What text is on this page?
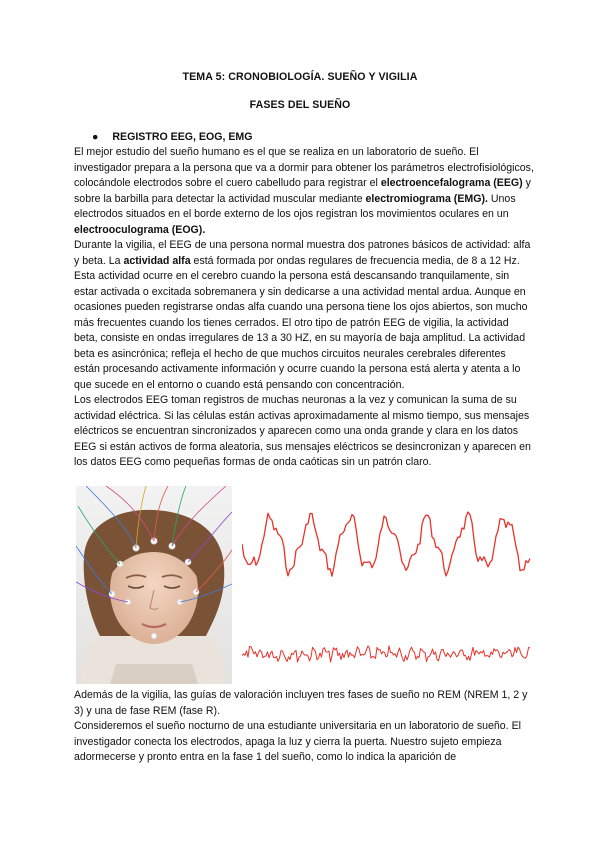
TEMA 5: CRONOBIOLOGÍA. SUEÑO Y VIGILIA
FASES DEL SUEÑO
● REGISTRO EEG, EOG, EMG

El mejor estudio del sueño humano es el que se realiza en un laboratorio de sueño. El investigador prepara a la persona que va a dormir para obtener los parámetros electrofisiológicos, colocándole electrodos sobre el cuero cabelludo para registrar el electroencefalograma (EEG) y sobre la barbilla para detectar la actividad muscular mediante electromiograma (EMG). Unos electrodos situados en el borde externo de los ojos registran los movimientos oculares en un electrooculograma (EOG).

Durante la vigilia, el EEG de una persona normal muestra dos patrones básicos de actividad: alfa y beta. La actividad alfa está formada por ondas regulares de frecuencia media, de 8 a 12 Hz. Esta actividad ocurre en el cerebro cuando la persona está descansando tranquilamente, sin estar activada o excitada sobremanera y sin dedicarse a una actividad mental ardua. Aunque en ocasiones pueden registrarse ondas alfa cuando una persona tiene los ojos abiertos, son mucho más frecuentes cuando los tienes cerrados. El otro tipo de patrón EEG de vigilia, la actividad beta, consiste en ondas irregulares de 13 a 30 HZ, en su mayoría de baja amplitud. La actividad beta es asincrónica; refleja el hecho de que muchos circuitos neurales cerebrales diferentes están procesando activamente información y ocurre cuando la persona está alerta y atenta a lo que sucede en el entorno o cuando está pensando con concentración.

Los electrodos EEG toman registros de muchas neuronas a la vez y comunican la suma de su actividad eléctrica. Si las células están activas aproximadamente al mismo tiempo, sus mensajes eléctricos se encuentran sincronizados y aparecen como una onda grande y clara en los datos EEG si están activos de forma aleatoria, sus mensajes eléctricos se desincronizan y aparecen en los datos EEG como pequeñas formas de onda caóticas sin un patrón claro.

Además de la vigilia, las guías de valoración incluyen tres fases de sueño no REM (NREM 1, 2 y 3) y una de fase REM (fase R).

Consideremos el sueño nocturno de una estudiante universitaria en un laboratorio de sueño. El investigador conecta los electrodos, apaga la luz y cierra la puerta. Nuestro sujeto empieza adormecerse y pronto entra en la fase 1 del sueño, como lo indica la aparición de
